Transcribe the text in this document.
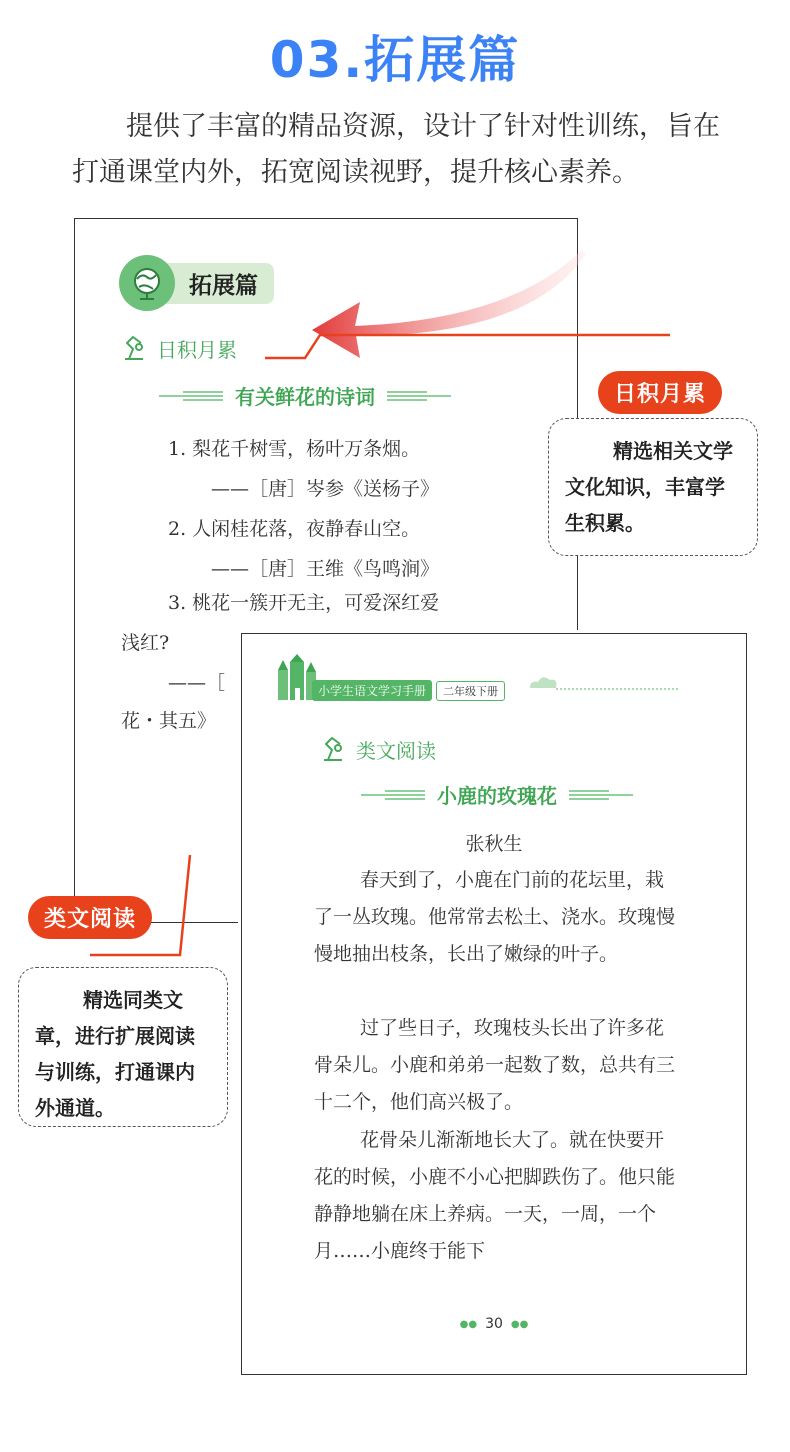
03.拓展篇
提供了丰富的精品资源，设计了针对性训练，旨在打通课堂内外，拓宽阅读视野，提升核心素养。
拓展篇
日积月累
有关鲜花的诗词
1. 梨花千树雪，杨叶万条烟。
——［唐］岑参《送杨子》
2. 人闲桂花落，夜静春山空。
——［唐］王维《鸟鸣涧》
3. 桃花一簇开无主，可爱深红爱
浅红?
——［
花・其五》
日积月累
精选相关文学文化知识，丰富学生积累。
小学生语文学习手册	二年级下册
类文阅读
小鹿的玫瑰花
张秋生
春天到了，小鹿在门前的花坛里，栽了一丛玫瑰。他常常去松土、浇水。玫瑰慢慢地抽出枝条，长出了嫩绿的叶子。
过了些日子，玫瑰枝头长出了许多花骨朵儿。小鹿和弟弟一起数了数，总共有三十二个，他们高兴极了。
花骨朵儿渐渐地长大了。就在快要开花的时候，小鹿不小心把脚跌伤了。他只能静静地躺在床上养病。一天，一周，一个月……小鹿终于能下
●● 30 ●●
类文阅读
精选同类文章，进行扩展阅读与训练，打通课内外通道。
